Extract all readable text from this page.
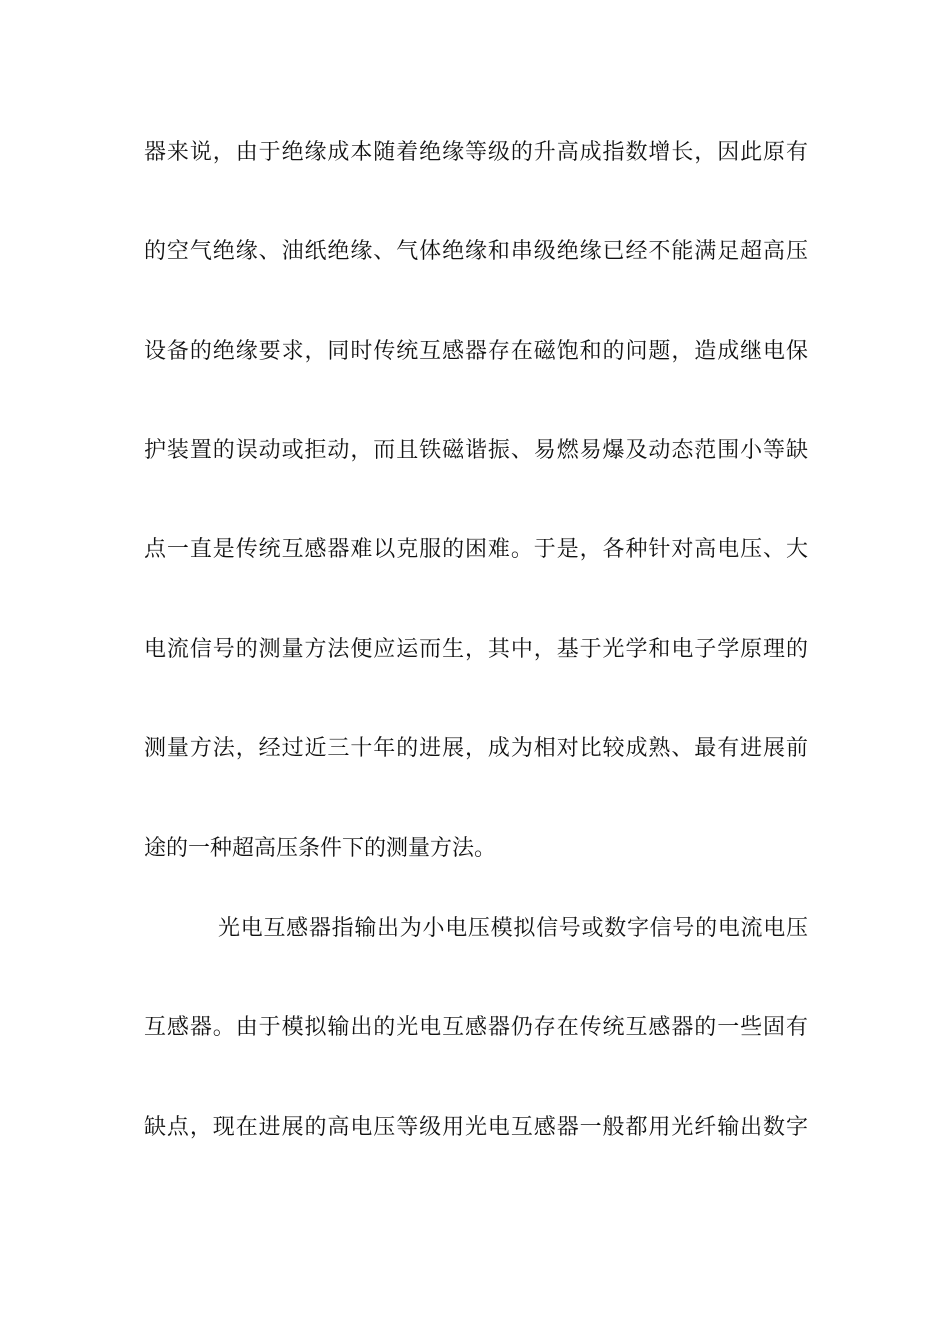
器来说，由于绝缘成本随着绝缘等级的升高成指数增长，因此原有
的空气绝缘、油纸绝缘、气体绝缘和串级绝缘已经不能满足超高压
设备的绝缘要求，同时传统互感器存在磁饱和的问题，造成继电保
护装置的误动或拒动，而且铁磁谐振、易燃易爆及动态范围小等缺
点一直是传统互感器难以克服的困难。于是，各种针对高电压、大
电流信号的测量方法便应运而生，其中，基于光学和电子学原理的
测量方法，经过近三十年的进展，成为相对比较成熟、最有进展前
途的一种超高压条件下的测量方法。
光电互感器指输出为小电压模拟信号或数字信号的电流电压
互感器。由于模拟输出的光电互感器仍存在传统互感器的一些固有
缺点，现在进展的高电压等级用光电互感器一般都用光纤输出数字
